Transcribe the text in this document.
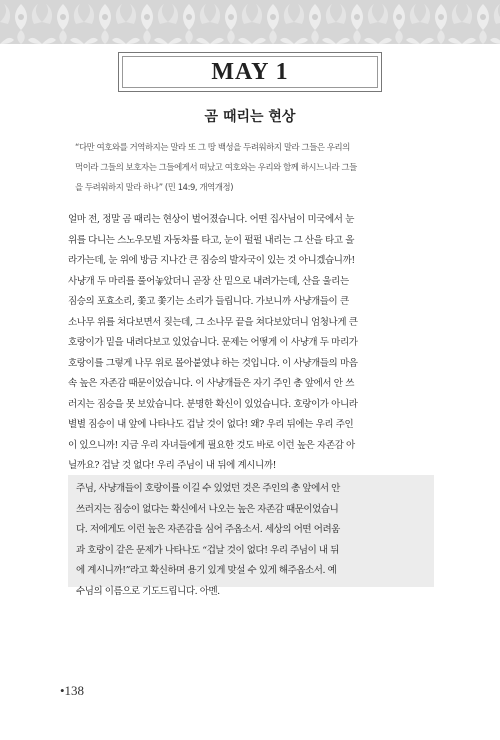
MAY 1
곰 때리는 현상
“다만 여호와를 거역하지는 말라 또 그 땅 백성을 두려워하지 말라 그들은 우리의
먹이라 그들의 보호자는 그들에게서 떠났고 여호와는 우리와 함께 하시느니라 그들
을 두려워하지 말라 하나” (민 14:9, 개역개정)
얼마 전, 정말 곰 때리는 현상이 벌어졌습니다. 어떤 집사님이 미국에서 눈
위를 다니는 스노우모빌 자동차를 타고, 눈이 펄펄 내리는 그 산을 타고 올
라가는데, 눈 위에 방금 지나간 큰 짐승의 발자국이 있는 것 아니겠습니까!
사냥개 두 마리를 풀어놓았더니 곧장 산 밑으로 내려가는데, 산을 울리는
짐승의 포효소리, 쫓고 쫓기는 소리가 들립니다. 가보니까 사냥개들이 큰
소나무 위를 쳐다보면서 짖는데, 그 소나무 끝을 쳐다보았더니 엄청나게 큰
호랑이가 밑을 내려다보고 있었습니다. 문제는 어떻게 이 사냥개 두 마리가
호랑이를 그렇게 나무 위로 몰아붙였냐 하는 것입니다. 이 사냥개들의 마음
속 높은 자존감 때문이었습니다. 이 사냥개들은 자기 주인 총 앞에서 안 쓰
러지는 짐승을 못 보았습니다. 분명한 확신이 있었습니다. 호랑이가 아니라
별별 짐승이 내 앞에 나타나도 겁날 것이 없다! 왜? 우리 뒤에는 우리 주인
이 있으니까! 지금 우리 자녀들에게 필요한 것도 바로 이런 높은 자존감 아
닐까요? 겁날 것 없다! 우리 주님이 내 뒤에 계시니까!
주님, 사냥개들이 호랑이를 이길 수 있었던 것은 주인의 총 앞에서 안
쓰러지는 짐승이 없다는 확신에서 나오는 높은 자존감 때문이었습니
다. 저에게도 이런 높은 자존감을 심어 주옵소서. 세상의 어떤 어려움
과 호랑이 같은 문제가 나타나도 “겁날 것이 없다! 우리 주님이 내 뒤
에 계시니까!”라고 확신하며 용기 있게 맞설 수 있게 해주옵소서. 예
수님의 이름으로 기도드립니다. 아멘.
•138
